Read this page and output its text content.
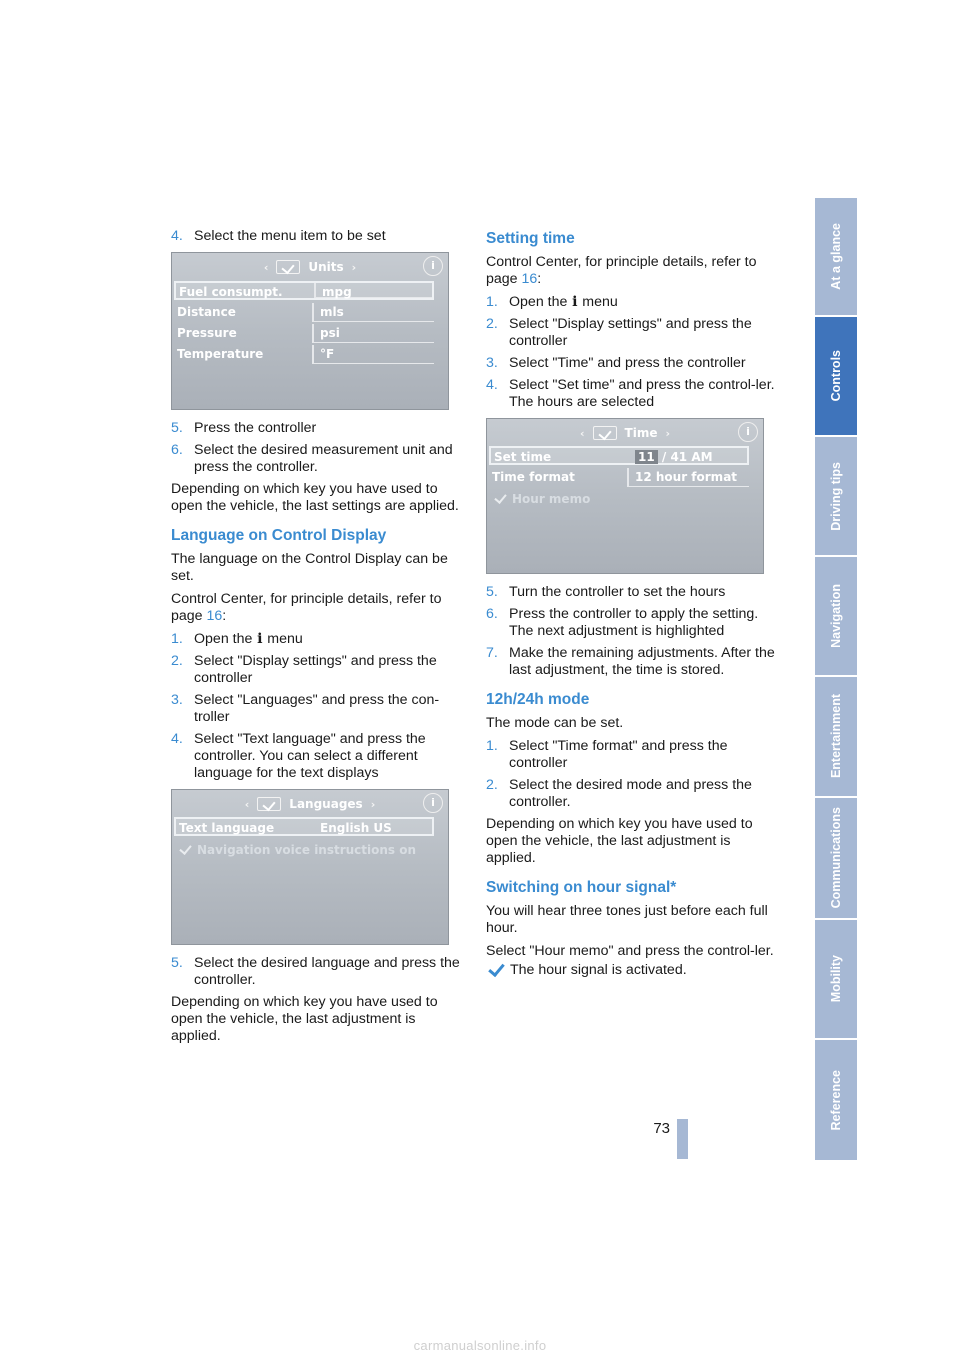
4. Select the menu item to be set
‹	Units ›	i
Fuel consumpt.	mpg
Distance	mls
Pressure	psi
Temperature	°F
5. Press the controller
6. Select the desired measurement unit and press the controller.

Depending on which key you have used to open the vehicle, the last settings are applied.

Language on Control Display

The language on the Control Display can be set.

Control Center, for principle details, refer to page 16:

1. Open the i menu
2. Select "Display settings" and press the controller
3. Select "Languages" and press the con-troller
4. Select "Text language" and press the controller. You can select a different language for the text displays
‹	Languages ›	i
Text language	English US
Navigation voice instructions on
5. Select the desired language and press the controller.

Depending on which key you have used to open the vehicle, the last adjustment is applied.

Setting time

Control Center, for principle details, refer to page 16:

1. Open the i menu
2. Select "Display settings" and press the controller
3. Select "Time" and press the controller
4. Select "Set time" and press the control-ler. The hours are selected
‹	Time ›	i
Set time	11 / 41 AM
Time format	12 hour format
Hour memo
5. Turn the controller to set the hours
6. Press the controller to apply the setting. The next adjustment is highlighted
7. Make the remaining adjustments. After the last adjustment, the time is stored.
12h/24h mode

The mode can be set.

1. Select "Time format" and press the controller
2. Select the desired mode and press the controller.

Depending on which key you have used to open the vehicle, the last adjustment is applied.

Switching on hour signal*

You will hear three tones just before each full hour.

Select "Hour memo" and press the control-ler.

The hour signal is activated.

At a glance
Controls
Driving tips
Navigation
Entertainment
Communications
Mobility
Reference
73
carmanualsonline.info
